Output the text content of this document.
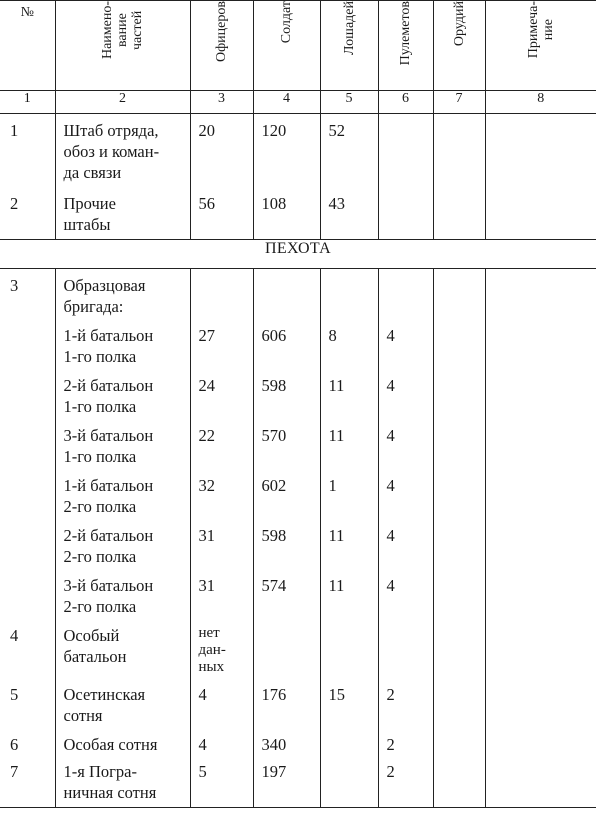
№	Наимено-
вание
частей	Офицеров	Солдат	Лошадей	Пулеметов	Орудий	Примеча-
ние
1	2	3	4	5	6	7	8

1	Штаб отряда,
обоз и коман-
да связи	20	120	52			

2	Прочие
штабы	56	108	43			

ПЕХОТА							

3	Образцовая
бригада:						

	1-й батальон
1-го полка	27	606	8	4		

	2-й батальон
1-го полка	24	598	11	4		

	3-й батальон
1-го полка	22	570	11	4		

	1-й батальон
2-го полка	32	602	1	4		

	2-й батальон
2-го полка	31	598	11	4		

	3-й батальон
2-го полка	31	574	11	4		

4	Особый
батальон	нет
дан-
ных					

5	Осетинская
сотня	4	176	15	2		

6	Особая сотня	4	340		2		

7	1-я Погра-
ничная сотня	5	197		2		
